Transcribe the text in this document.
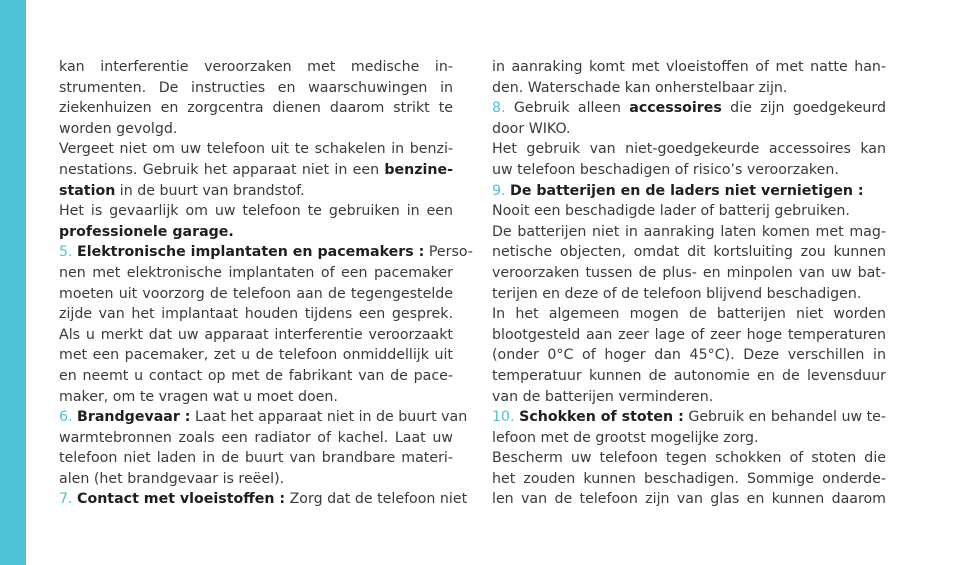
kan interferentie veroorzaken met medische in-
strumenten. De instructies en waarschuwingen in
ziekenhuizen en zorgcentra dienen daarom strikt te
worden gevolgd.
Vergeet niet om uw telefoon uit te schakelen in benzi-
nestations. Gebruik het apparaat niet in een benzine-
station in de buurt van brandstof.
Het is gevaarlijk om uw telefoon te gebruiken in een
professionele garage.
5. Elektronische implantaten en pacemakers : Perso-
nen met elektronische implantaten of een pacemaker
moeten uit voorzorg de telefoon aan de tegengestelde
zijde van het implantaat houden tijdens een gesprek.
Als u merkt dat uw apparaat interferentie veroorzaakt
met een pacemaker, zet u de telefoon onmiddellijk uit
en neemt u contact op met de fabrikant van de pace-
maker, om te vragen wat u moet doen.
6. Brandgevaar : Laat het apparaat niet in de buurt van
warmtebronnen zoals een radiator of kachel. Laat uw
telefoon niet laden in de buurt van brandbare materi-
alen (het brandgevaar is reëel).
7. Contact met vloeistoffen : Zorg dat de telefoon niet
in aanraking komt met vloeistoffen of met natte han-
den. Waterschade kan onherstelbaar zijn.
8. Gebruik alleen accessoires die zijn goedgekeurd
door WIKO.
Het gebruik van niet-goedgekeurde accessoires kan
uw telefoon beschadigen of risico’s veroorzaken.
9. De batterijen en de laders niet vernietigen :
Nooit een beschadigde lader of batterij gebruiken.
De batterijen niet in aanraking laten komen met mag-
netische objecten, omdat dit kortsluiting zou kunnen
veroorzaken tussen de plus- en minpolen van uw bat-
terijen en deze of de telefoon blijvend beschadigen.
In het algemeen mogen de batterijen niet worden
blootgesteld aan zeer lage of zeer hoge temperaturen
(onder 0°C of hoger dan 45°C). Deze verschillen in
temperatuur kunnen de autonomie en de levensduur
van de batterijen verminderen.
10. Schokken of stoten : Gebruik en behandel uw te-
lefoon met de grootst mogelijke zorg.
Bescherm uw telefoon tegen schokken of stoten die
het zouden kunnen beschadigen. Sommige onderde-
len van de telefoon zijn van glas en kunnen daarom
